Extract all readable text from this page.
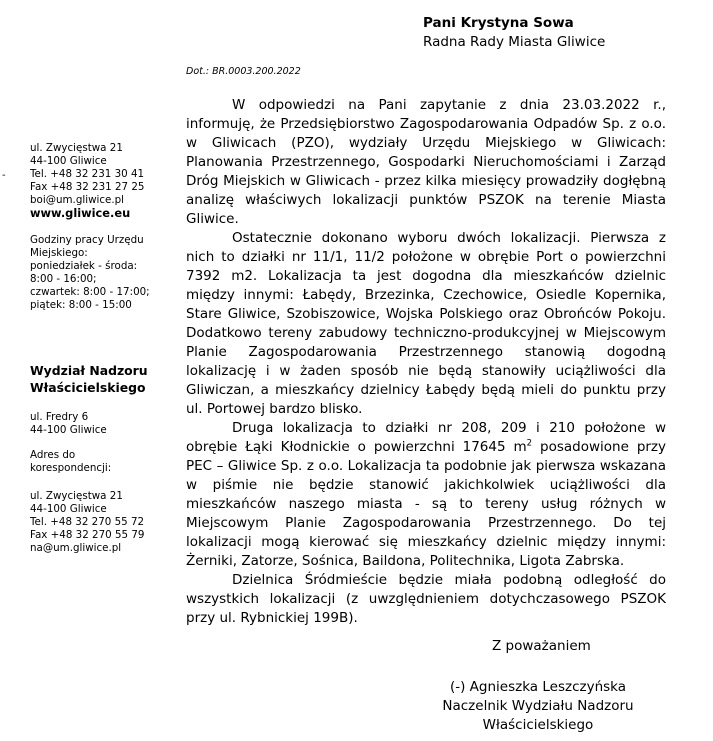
Pani Krystyna Sowa
Radna Rady Miasta Gliwice
Dot.: BR.0003.200.2022
-
ul. Zwycięstwa 21
44-100 Gliwice
Tel. +48 32 231 30 41
Fax +48 32 231 27 25
boi@um.gliwice.pl
www.gliwice.eu
Godziny pracy Urzędu Miejskiego:
poniedziałek - środa:
8:00 - 16:00;
czwartek: 8:00 - 17:00;
piątek: 8:00 - 15:00
Wydział Nadzoru
Właścicielskiego
ul. Fredry 6
44-100 Gliwice
Adres do
korespondencji:
ul. Zwycięstwa 21
44-100 Gliwice
Tel. +48 32 270 55 72
Fax +48 32 270 55 79
na@um.gliwice.pl

W odpowiedzi na Pani zapytanie z dnia 23.03.2022 r., informuję, że Przedsiębiorstwo Zagospodarowania Odpadów Sp. z o.o. w Gliwicach (PZO), wydziały Urzędu Miejskiego w Gliwicach: Planowania Przestrzennego, Gospodarki Nieruchomościami i Zarząd Dróg Miejskich w Gliwicach - przez kilka miesięcy prowadziły dogłębną analizę właściwych lokalizacji punktów PSZOK na terenie Miasta Gliwice.

Ostatecznie dokonano wyboru dwóch lokalizacji. Pierwsza z nich to działki nr 11/1, 11/2 położone w obrębie Port o powierzchni 7392 m2. Lokalizacja ta jest dogodna dla mieszkańców dzielnic między innymi: Łabędy, Brzezinka, Czechowice, Osiedle Kopernika, Stare Gliwice, Szobiszowice, Wojska Polskiego oraz Obrońców Pokoju. Dodatkowo tereny zabudowy techniczno-produkcyjnej w Miejscowym Planie Zagospodarowania Przestrzennego stanowią dogodną lokalizację i w żaden sposób nie będą stanowiły uciążliwości dla Gliwiczan, a mieszkańcy dzielnicy Łabędy będą mieli do punktu przy ul. Portowej bardzo blisko.

Druga lokalizacja to działki nr 208, 209 i 210 położone w obrębie Łąki Kłodnickie o powierzchni 17645 $m^2$ posadowione przy PEC – Gliwice Sp. z o.o. Lokalizacja ta podobnie jak pierwsza wskazana w piśmie nie będzie stanowić jakichkolwiek uciążliwości dla mieszkańców naszego miasta - są to tereny usług różnych w Miejscowym Planie Zagospodarowania Przestrzennego. Do tej lokalizacji mogą kierować się mieszkańcy dzielnic między innymi: Żerniki, Zatorze, Sośnica, Baildona, Politechnika, Ligota Zabrska.

Dzielnica Śródmieście będzie miała podobną odległość do wszystkich lokalizacji (z uwzględnieniem dotychczasowego PSZOK przy ul. Rybnickiej 199B).

Z poważaniem
(-) Agnieszka Leszczyńska
Naczelnik Wydziału Nadzoru
Właścicielskiego
